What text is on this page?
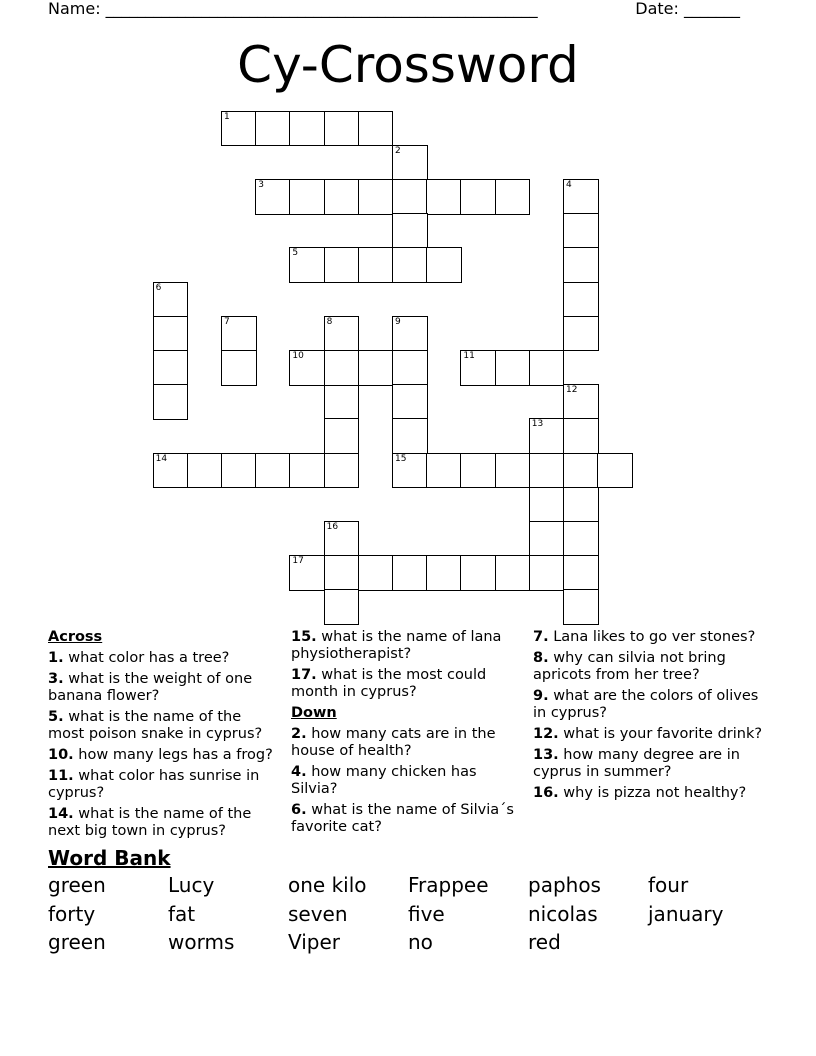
Name: ______________________________________________________	Date: _______
Cy-Crossword
1
2
3	4
5
6
7	8	9
10	11
12
13
14	15
16
17
Across
1. what color has a tree?
3. what is the weight of one banana flower?
5. what is the name of the most poison snake in cyprus?
10. how many legs has a frog?
11. what color has sunrise in cyprus?
14. what is the name of the next big town in cyprus?
15. what is the name of lana physiotherapist?
17. what is the most could month in cyprus?
Down
2. how many cats are in the house of health?
4. how many chicken has Silvia?
6. what is the name of Silvia´s favorite cat?
7. Lana likes to go ver stones?
8. why can silvia not bring apricots from her tree?
9. what are the colors of olives in cyprus?
12. what is your favorite drink?
13. how many degree are in cyprus in summer?
16. why is pizza not healthy?
Word Bank
green	Lucy	one kilo	Frappee	paphos	four
forty	fat	seven	five	nicolas	january
green	worms	Viper	no	red
